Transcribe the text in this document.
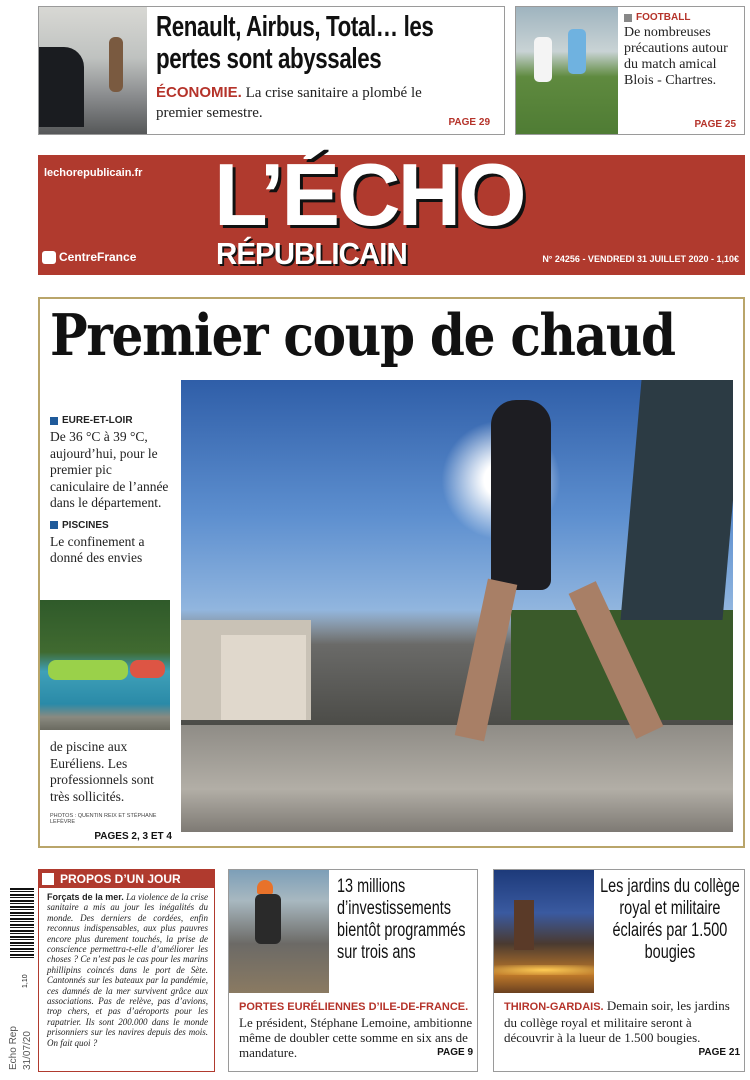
Renault, Airbus, Total… les pertes sont abyssales
ÉCONOMIE. La crise sanitaire a plombé le premier semestre.
PAGE 29
FOOTBALL
De nombreuses précautions autour du match amical Blois - Chartres.
PAGE 25
lechorepublicain.fr L’ÉCHO
RÉPUBLICAIN
CentreFrance	N° 24256 - VENDREDI 31 JUILLET 2020 - 1,10€
Premier coup de chaud
EURE-ET-LOIR
De 36 °C à 39 °C, aujourd’hui, pour le premier pic caniculaire de l’année dans le département.
PISCINES
Le confinement a donné des envies
de piscine aux Euréliens. Les professionnels sont très sollicités.
PHOTOS : QUENTIN REIX ET STÉPHANE LEFÈVRE
PAGES 2, 3 ET 4
1,10
Echo Rep 31/07/20
PROPOS D’UN JOUR
Forçats de la mer. La violence de la crise sanitaire a mis au jour les inégalités du monde. Des derniers de cordées, enfin reconnus indispensables, aux plus pauvres encore plus durement touchés, la prise de conscience permettra-t-elle d’améliorer les choses ? Ce n’est pas le cas pour les marins phillipins coincés dans le port de Sète. Cantonnés sur les bateaux par la pandémie, ces damnés de la mer survivent grâce aux associations. Pas de relève, pas d’avions, trop chers, et pas d’aéroports pour les rapatrier. Ils sont 200.000 dans le monde prisonniers sur les navires depuis des mois. On fait quoi ?
13 millions d’investissements bientôt programmés sur trois ans
PORTES EURÉLIENNES D’ILE-DE-FRANCE. Le président, Stéphane Lemoine, ambitionne même de doubler cette somme en six ans de mandature.	PAGE 9
Les jardins du collège royal et militaire éclairés par 1.500 bougies
THIRON-GARDAIS. Demain soir, les jardins du collège royal et militaire seront à découvrir à la lueur de 1.500 bougies.
PAGE 21
